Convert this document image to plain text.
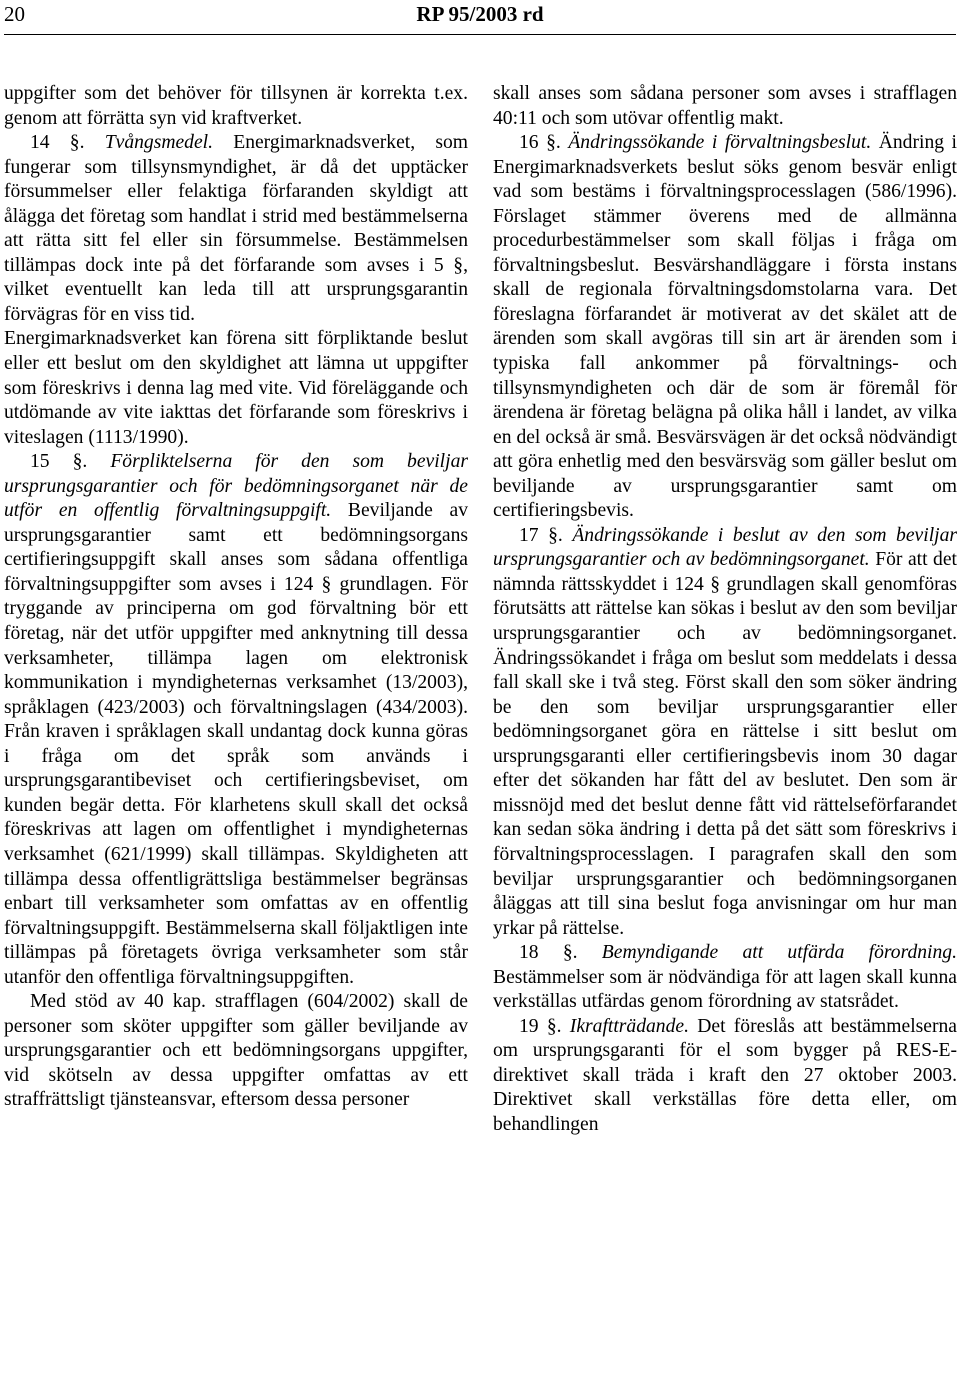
20	RP 95/2003 rd

uppgifter som det behöver för tillsynen är korrekta t.ex. genom att förrätta syn vid kraftverket.

14 §. Tvångsmedel. Energimarknadsverket, som fungerar som tillsynsmyndighet, är då det upptäcker försummelser eller felaktiga förfaranden skyldigt att ålägga det företag som handlat i strid med bestämmelserna att rätta sitt fel eller sin försummelse. Bestämmelsen tillämpas dock inte på det förfarande som avses i 5 §, vilket eventuellt kan leda till att ursprungsgarantin förvägras för en viss tid.

Energimarknadsverket kan förena sitt förpliktande beslut eller ett beslut om den skyldighet att lämna ut uppgifter som föreskrivs i denna lag med vite. Vid föreläggande och utdömande av vite iakttas det förfarande som föreskrivs i viteslagen (1113/1990).

15 §. Förpliktelserna för den som beviljar ursprungsgarantier och för bedömningsorganet när de utför en offentlig förvaltningsuppgift. Beviljande av ursprungsgarantier samt ett bedömningsorgans certifieringsuppgift skall anses som sådana offentliga förvaltningsuppgifter som avses i 124 § grundlagen. För tryggande av principerna om god förvaltning bör ett företag, när det utför uppgifter med anknytning till dessa verksamheter, tillämpa lagen om elektronisk kommunikation i myndigheternas verksamhet (13/2003), språklagen (423/2003) och förvaltningslagen (434/2003). Från kraven i språklagen skall undantag dock kunna göras i fråga om det språk som används i ursprungsgarantibeviset och certifieringsbeviset, om kunden begär detta. För klarhetens skull skall det också föreskrivas att lagen om offentlighet i myndigheternas verksamhet (621/1999) skall tillämpas. Skyldigheten att tillämpa dessa offentligrättsliga bestämmelser begränsas enbart till verksamheter som omfattas av en offentlig förvaltningsuppgift. Bestämmelserna skall följaktligen inte tillämpas på företagets övriga verksamheter som står utanför den offentliga förvaltningsuppgiften.

Med stöd av 40 kap. strafflagen (604/2002) skall de personer som sköter uppgifter som gäller beviljande av ursprungsgarantier och ett bedömningsorgans uppgifter, vid skötseln av dessa uppgifter omfattas av ett straffrättsligt tjänsteansvar, eftersom dessa personer

skall anses som sådana personer som avses i strafflagen 40:11 och som utövar offentlig makt.

16 §. Ändringssökande i förvaltningsbeslut. Ändring i Energimarknadsverkets beslut söks genom besvär enligt vad som bestäms i förvaltningsprocesslagen (586/1996). Förslaget stämmer överens med de allmänna procedurbestämmelser som skall följas i fråga om förvaltningsbeslut. Besvärshandläggare i första instans skall de regionala förvaltningsdomstolarna vara. Det föreslagna förfarandet är motiverat av det skälet att de ärenden som skall avgöras till sin art är ärenden som i typiska fall ankommer på förvaltnings- och tillsynsmyndigheten och där de som är föremål för ärendena är företag belägna på olika håll i landet, av vilka en del också är små. Besvärsvägen är det också nödvändigt att göra enhetlig med den besvärsväg som gäller beslut om beviljande av ursprungsgarantier samt om certifieringsbevis.

17 §. Ändringssökande i beslut av den som beviljar ursprungsgarantier och av bedömningsorganet. För att det nämnda rättsskyddet i 124 § grundlagen skall genomföras förutsätts att rättelse kan sökas i beslut av den som beviljar ursprungsgarantier och av bedömningsorganet. Ändringssökandet i fråga om beslut som meddelats i dessa fall skall ske i två steg. Först skall den som söker ändring be den som beviljar ursprungsgarantier eller bedömningsorganet göra en rättelse i sitt beslut om ursprungsgaranti eller certifieringsbevis inom 30 dagar efter det sökanden har fått del av beslutet. Den som är missnöjd med det beslut denne fått vid rättelseförfarandet kan sedan söka ändring i detta på det sätt som föreskrivs i förvaltningsprocesslagen. I paragrafen skall den som beviljar ursprungsgarantier och bedömningsorganen åläggas att till sina beslut foga anvisningar om hur man yrkar på rättelse.

18 §. Bemyndigande att utfärda förordning. Bestämmelser som är nödvändiga för att lagen skall kunna verkställas utfärdas genom förordning av statsrådet.

19 §. Ikraftträdande. Det föreslås att bestämmelserna om ursprungsgaranti för el som bygger på RES-E-direktivet skall träda i kraft den 27 oktober 2003. Direktivet skall verkställas före detta eller, om behandlingen
